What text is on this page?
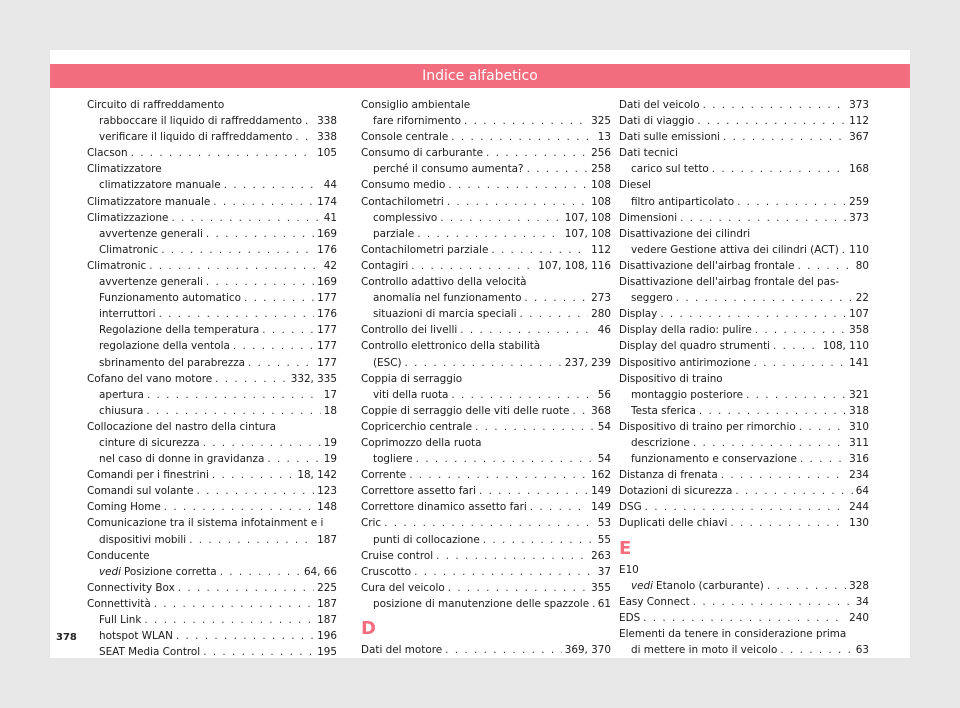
Indice alfabetico
Circuito di raffreddamento
rabboccare il liquido di raffreddamento . . . 338
verificare il liquido di raffreddamento . . . 338
Clacson . . .	105
Climatizzatore
climatizzatore manuale . . .	44
Climatizzatore manuale . . .	174
Climatizzazione . . .	41
avvertenze generali . . .	169
Climatronic . . .	176
Climatronic . . .	42
avvertenze generali . . .	169
Funzionamento automatico . . .	177
interruttori . . .	176
Regolazione della temperatura . . .	177
regolazione della ventola . . .	177
sbrinamento del parabrezza . . .	177
Cofano del vano motore . . .	332, 335
apertura . . .	17
chiusura . . .	18
Collocazione del nastro della cintura
cinture di sicurezza . . .	19
nel caso di donne in gravidanza . . .	19
Comandi per i finestrini . . .	18, 142
Comandi sul volante . . .	123
Coming Home . . .	148
Comunicazione tra il sistema infotainment e i
dispositivi mobili . . .	187
Conducente
vedi Posizione corretta . . .	64, 66
Connectivity Box . . .	225
Connettività . . .	187
Full Link . . .	187
hotspot WLAN . . .	196
SEAT Media Control . . .	195
Consiglio ambientale
fare rifornimento . . .	325
Console centrale . . .	13
Consumo di carburante . . .	256
perché il consumo aumenta? . . .	258
Consumo medio . . .	108
Contachilometri . . .	108
complessivo . . .	107, 108
parziale . . .	107, 108
Contachilometri parziale . . .	112
Contagiri . . .	107, 108, 116
Controllo adattivo della velocità
anomalia nel funzionamento . . .	273
situazioni di marcia speciali . . .	280
Controllo dei livelli . . .	46
Controllo elettronico della stabilità
(ESC) . . .	237, 239
Coppia di serraggio
viti della ruota . . .	56
Coppie di serraggio delle viti delle ruote . . . 368
Copricerchio centrale . . .	54
Coprimozzo della ruota
togliere . . .	54
Corrente . . .	162
Correttore assetto fari . . .	149
Correttore dinamico assetto fari . . .	149
Cric . . .	53
punti di collocazione . . .	55
Cruise control . . .	263
Cruscotto . . .	37
Cura del veicolo . . .	355
posizione di manutenzione delle spazzole . . . 61
D
Dati del motore . . .	369, 370
Dati del veicolo . . .	373
Dati di viaggio . . .	112
Dati sulle emissioni . . .	367
Dati tecnici
carico sul tetto . . .	168
Diesel
filtro antiparticolato . . .	259
Dimensioni . . .	373
Disattivazione dei cilindri
vedere Gestione attiva dei cilindri (ACT) . . . 110
Disattivazione dell'airbag frontale . . .	80
Disattivazione dell'airbag frontale del pas-
seggero . . .	22
Display . . .	107
Display della radio: pulire . . .	358
Display del quadro strumenti . . .	108, 110
Dispositivo antirimozione . . .	141
Dispositivo di traino
montaggio posteriore . . .	321
Testa sferica . . .	318
Dispositivo di traino per rimorchio . . .	310
descrizione . . .	311
funzionamento e conservazione . . .	316
Distanza di frenata . . .	234
Dotazioni di sicurezza . . .	64
DSG . . .	244
Duplicati delle chiavi . . .	130
E
E10
vedi Etanolo (carburante) . . .	328
Easy Connect . . .	34
EDS . . .	240
Elementi da tenere in considerazione prima
di mettere in moto il veicolo . . .	63
378
